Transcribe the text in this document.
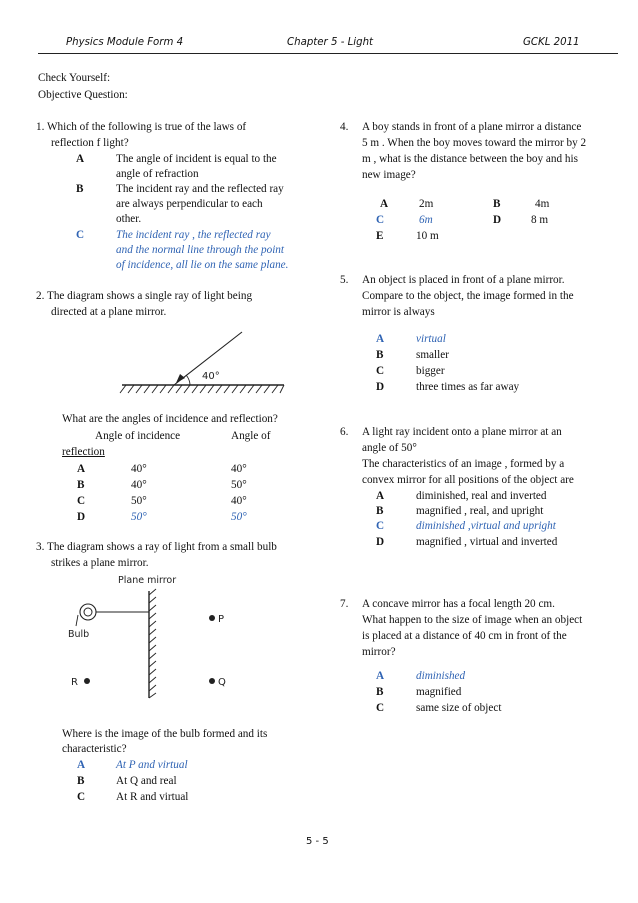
Physics Module Form 4	Chapter 5 - Light	GCKL 2011
Check Yourself:
Objective Question:
1. Which of the following is true of the laws of
reflection f light?
A	The angle of incident is equal to the
angle of refraction
B	The incident ray and the reflected ray
are always perpendicular to each
other.
C	The incident ray , the reflected ray
and the normal line through the point
of incidence, all lie on the same plane.
2. The diagram shows a single ray of light being
directed at a plane mirror.
40°
What are the angles of incidence and reflection?
Angle of incidence	Angle of
reflection
A	40°	40°
B	40°	50°
C	50°	40°
D	50°	50°
3. The diagram shows a ray of light from a small bulb
strikes a plane mirror.
Plane mirror
Bulb
P
Q
R
Where is the image of the bulb formed and its
characteristic?
A	At P and virtual
B	At Q and real
C	At R and virtual
4. A boy stands in front of a plane mirror a distance
5 m . When the boy moves toward the mirror by 2
m , what is the distance between the boy and his
new image?
A	2m	B	4m
C	6m	D	8 m
E	10 m
5. An object is placed in front of a plane mirror.
Compare to the object, the image formed in the
mirror is always
A	virtual
B	smaller
C	bigger
D	three times as far away
6. A light ray incident onto a plane mirror at an
angle of 50°
The characteristics of an image , formed by a
convex mirror for all positions of the object are
A	diminished, real and inverted
B	magnified , real, and upright
C	diminished ,virtual and upright
D	magnified , virtual and inverted
7. A concave mirror has a focal length 20 cm.
What happen to the size of image when an object
is placed at a distance of 40 cm in front of the
mirror?
A	diminished
B	magnified
C	same size of object
5 - 5
